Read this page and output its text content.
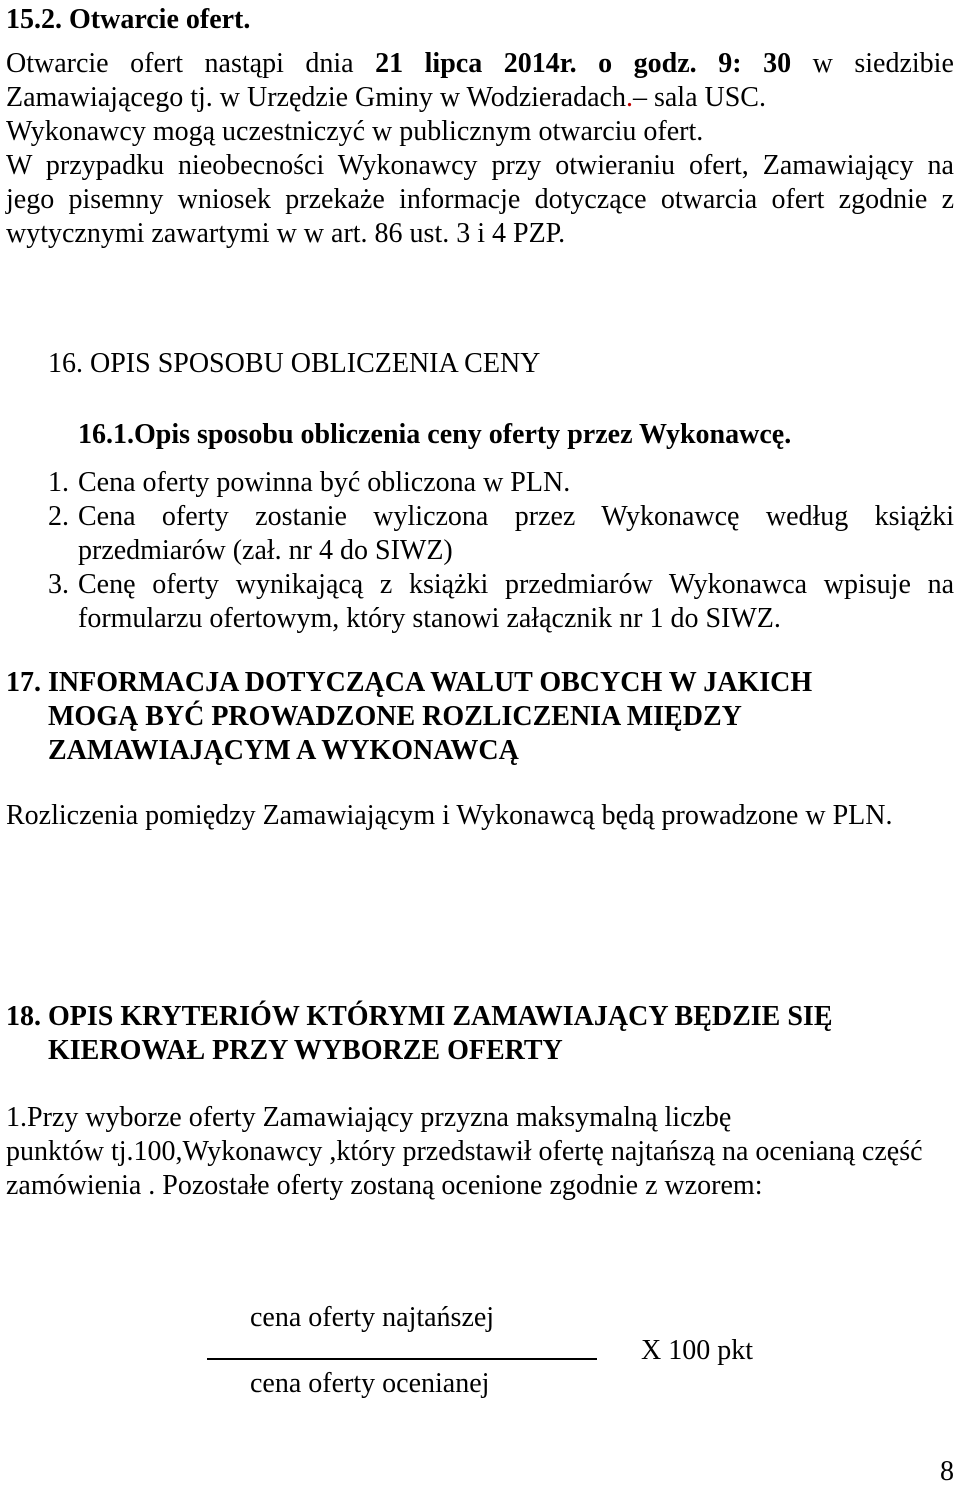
15.2. Otwarcie ofert.
Otwarcie ofert nastąpi dnia 21 lipca 2014r. o godz. 9: 30 w siedzibie
Zamawiającego tj. w Urzędzie Gminy w Wodzieradach.– sala USC.
Wykonawcy mogą uczestniczyć w publicznym otwarciu ofert.
W przypadku nieobecności Wykonawcy przy otwieraniu ofert, Zamawiający na
jego pisemny wniosek przekaże informacje dotyczące otwarcia ofert zgodnie z
wytycznymi zawartymi w w art. 86 ust. 3 i 4 PZP.
16. OPIS SPOSOBU OBLICZENIA CENY
16.1.Opis sposobu obliczenia ceny oferty przez Wykonawcę.
1. Cena oferty powinna być obliczona w PLN.
2. Cena oferty zostanie wyliczona przez Wykonawcę według książki
przedmiarów (zał. nr 4 do SIWZ)
3. Cenę oferty wynikającą z książki przedmiarów Wykonawca wpisuje na
formularzu ofertowym, który stanowi załącznik nr 1 do SIWZ.
17. INFORMACJA DOTYCZĄCA WALUT OBCYCH W JAKICH
MOGĄ BYĆ PROWADZONE ROZLICZENIA MIĘDZY
ZAMAWIAJĄCYM A WYKONAWCĄ
Rozliczenia pomiędzy Zamawiającym i Wykonawcą będą prowadzone w PLN.
18. OPIS KRYTERIÓW KTÓRYMI ZAMAWIAJĄCY BĘDZIE SIĘ
KIEROWAŁ PRZY WYBORZE OFERTY
1.Przy wyborze oferty Zamawiający przyzna maksymalną liczbę
punktów tj.100,Wykonawcy ,który przedstawił ofertę najtańszą na ocenianą część
zamówienia . Pozostałe oferty zostaną ocenione zgodnie z wzorem:
cena oferty najtańszej
X 100 pkt
cena oferty ocenianej
8
